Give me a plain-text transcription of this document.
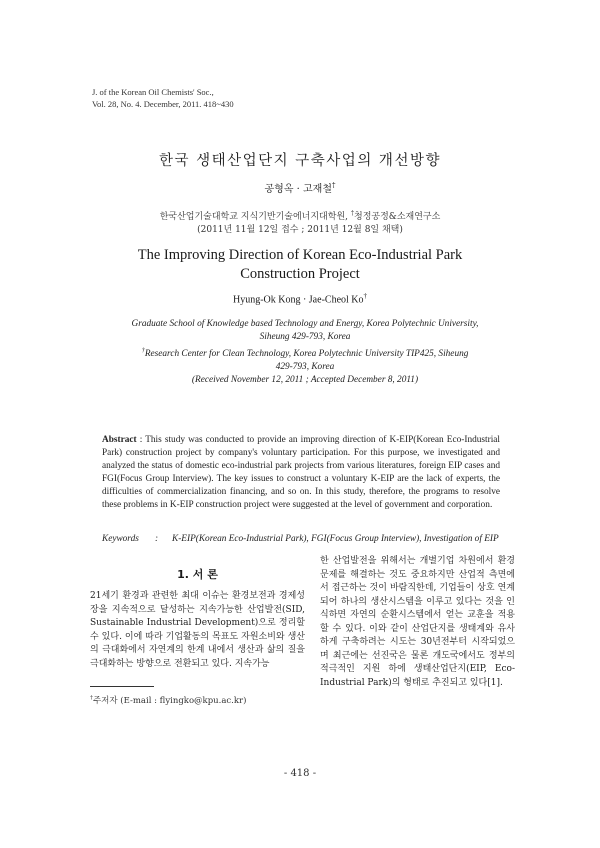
J. of the Korean Oil Chemists' Soc.,
Vol. 28, No. 4. December, 2011. 418~430
한국 생태산업단지 구축사업의 개선방향
공형옥 · 고재철†
한국산업기술대학교 지식기반기술에너지대학원, †청정공정&소재연구소
(2011년 11월 12일 접수 ; 2011년 12월 8일 채택)
The Improving Direction of Korean Eco-Industrial Park
Construction Project
Hyung-Ok Kong · Jae-Cheol Ko†
Graduate School of Knowledge based Technology and Energy, Korea Polytechnic University,
Siheung 429-793, Korea
†Research Center for Clean Technology, Korea Polytechnic University TIP425, Siheung
429-793, Korea
(Received November 12, 2011 ; Accepted December 8, 2011)
Abstract : This study was conducted to provide an improving direction of K-EIP(Korean Eco-Industrial Park) construction project by company's voluntary participation. For this purpose, we investigated and analyzed the status of domestic eco-industrial park projects from various literatures, foreign EIP cases and FGI(Focus Group Interview). The key issues to construct a voluntary K-EIP are the lack of experts, the difficulties of commercialization financing, and so on. In this study, therefore, the programs to resolve these problems in K-EIP construction project were suggested at the level of government and corporation.
Keywords : K-EIP(Korean Eco-Industrial Park), FGI(Focus Group Interview), Investigation of EIP
1. 서 론
21세기 환경과 관련한 최대 이슈는 환경보전과 경제성장을 지속적으로 달성하는 지속가능한 산업발전(SID, Sustainable Industrial Development)으로 정리할 수 있다. 이에 따라 기업활동의 목표도 자원소비와 생산의 극대화에서 자연계의 한계 내에서 생산과 삶의 질을 극대화하는 방향으로 전환되고 있다. 지속가능
한 산업발전을 위해서는 개별기업 차원에서 환경문제를 해결하는 것도 중요하지만 산업적 측면에서 접근하는 것이 바람직한데, 기업들이 상호 연계되어 하나의 생산시스템을 이루고 있다는 것을 인식하면 자연의 순환시스템에서 얻는 교훈을 적용할 수 있다. 이와 같이 산업단지를 생태계와 유사하게 구축하려는 시도는 30년전부터 시작되었으며 최근에는 선진국은 물론 개도국에서도 정부의 적극적인 지원 하에 생태산업단지(EIP, Eco-Industrial Park)의 형태로 추진되고 있다[1].
†주저자 (E-mail : flyingko@kpu.ac.kr)
- 418 -
